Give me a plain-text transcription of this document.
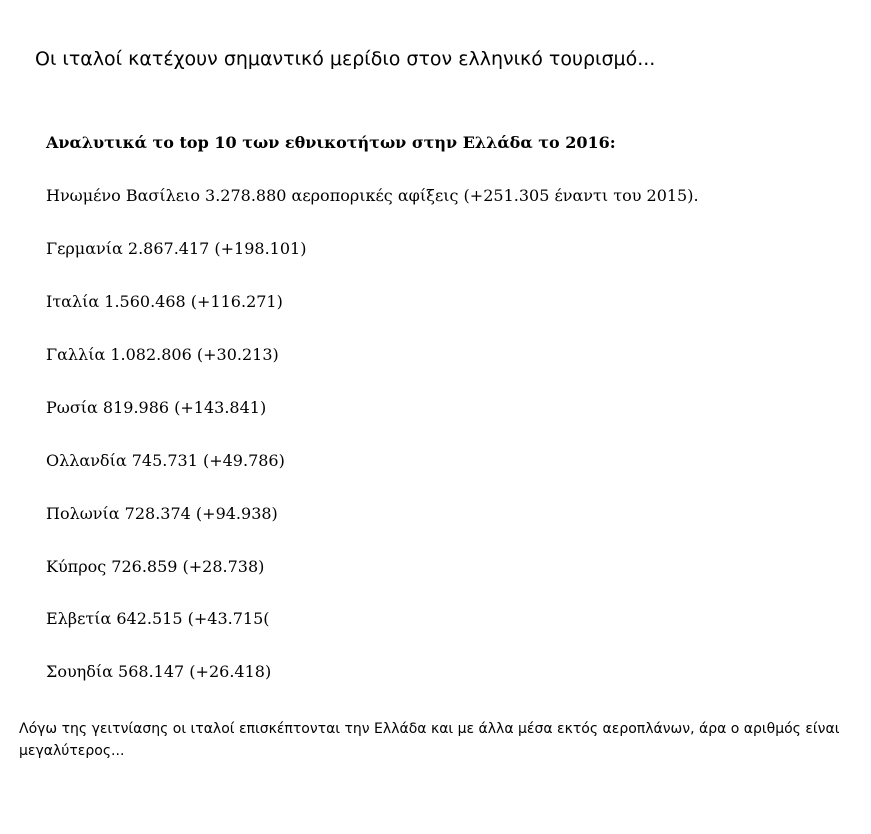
Οι ιταλοί κατέχουν σημαντικό μερίδιο στον ελληνικό τουρισμό...
Αναλυτικά το top 10 των εθνικοτήτων στην Ελλάδα το 2016:
Ηνωμένο Βασίλειο 3.278.880 αεροπορικές αφίξεις (+251.305 έναντι του 2015).
Γερμανία 2.867.417 (+198.101)
Ιταλία 1.560.468 (+116.271)
Γαλλία 1.082.806 (+30.213)
Ρωσία 819.986 (+143.841)
Ολλανδία 745.731 (+49.786)
Πολωνία 728.374 (+94.938)
Κύπρος 726.859 (+28.738)
Ελβετία 642.515 (+43.715(
Σουηδία 568.147 (+26.418)
Λόγω της γειτνίασης οι ιταλοί επισκέπτονται την Ελλάδα και με άλλα μέσα εκτός αεροπλάνων, άρα ο αριθμός είναι μεγαλύτερος...
